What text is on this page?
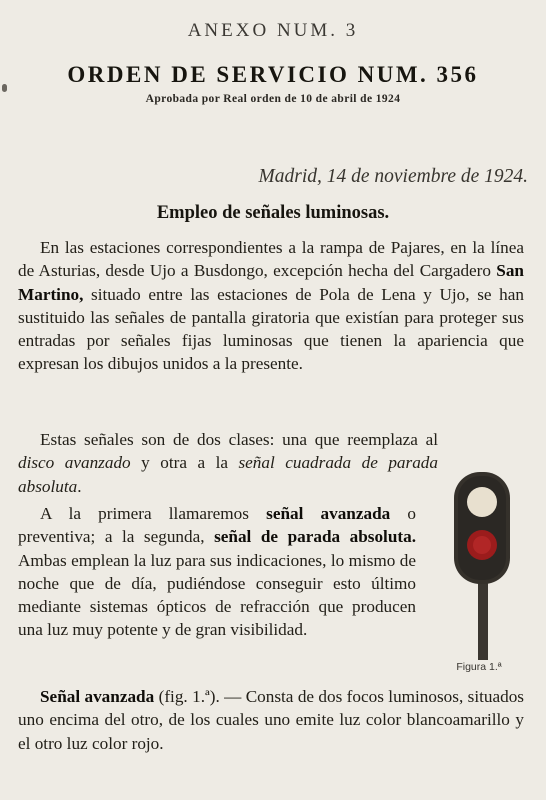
ANEXO NUM. 3
ORDEN DE SERVICIO NUM. 356
Aprobada por Real orden de 10 de abril de 1924
Madrid, 14 de noviembre de 1924.
Empleo de señales luminosas.

En las estaciones correspondientes a la rampa de Pajares, en la línea de Asturias, desde Ujo a Busdongo, excepción hecha del Cargadero San Martino, situado entre las estaciones de Pola de Lena y Ujo, se han sustituido las señales de pantalla giratoria que existían para proteger sus entradas por señales fijas luminosas que tienen la apariencia que expresan los dibujos unidos a la presente.

Estas señales son de dos clases: una que reemplaza al disco avanzado y otra a la señal cuadrada de parada absoluta.

A la primera llamaremos señal avanzada o preventiva; a la segunda, señal de parada absoluta. Ambas emplean la luz para sus indicaciones, lo mismo de noche que de día, pudiéndose conseguir esto último mediante sistemas ópticos de refracción que producen una luz muy potente y de gran visibilidad.

Señal avanzada (fig. 1.ª). — Consta de dos focos luminosos, situados uno encima del otro, de los cuales uno emite luz color blancoamarillo y el otro luz color rojo.

Figura 1.ª
